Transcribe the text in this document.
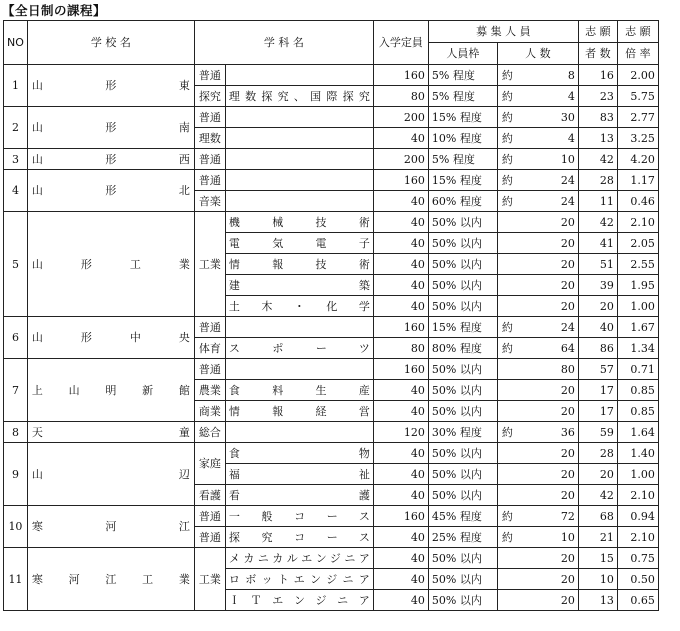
【全日制の課程】
NO	学 校 名	学 科 名		入学定員	募 集 人 員		志 願	志 願
					人員枠	人 数	者 数	倍 率
1	山形東	普通		160	5% 程度	約 8	16	2.00
		探究	理数探究、国際探究	80	5% 程度	約 4	23	5.75
2	山形南	普通		200	15% 程度	約 30	83	2.77
		理数		40	10% 程度	約 4	13	3.25
3	山形西	普通		200	5% 程度	約 10	42	4.20
4	山形北	普通		160	15% 程度	約 24	28	1.17
		音楽		40	60% 程度	約 24	11	0.46
5	山形工業	工業	機械技術	40	50% 以内	20	42	2.10
			電気電子	40	50% 以内	20	41	2.05
			情報技術	40	50% 以内	20	51	2.55
			建築	40	50% 以内	20	39	1.95
			土木・化学	40	50% 以内	20	20	1.00
6	山形中央	普通		160	15% 程度	約 24	40	1.67
		体育	スポーツ	80	80% 程度	約 64	86	1.34
7	上山明新館	普通		160	50% 以内	80	57	0.71
		農業	食料生産	40	50% 以内	20	17	0.85
		商業	情報経営	40	50% 以内	20	17	0.85
8	天童	総合		120	30% 程度	約 36	59	1.64
9	山辺	家庭	食物	40	50% 以内	20	28	1.40
			福祉	40	50% 以内	20	20	1.00
		看護	看護	40	50% 以内	20	42	2.10
10	寒河江	普通	一般コース	160	45% 程度	約 72	68	0.94
		普通	探究コース	40	25% 程度	約 10	21	2.10
11	寒河江工業	工業	メカニカルエンジニア	40	50% 以内	20	15	0.75
			ロボットエンジニア	40	50% 以内	20	10	0.50
			ＩＴエンジニア	40	50% 以内	20	13	0.65
